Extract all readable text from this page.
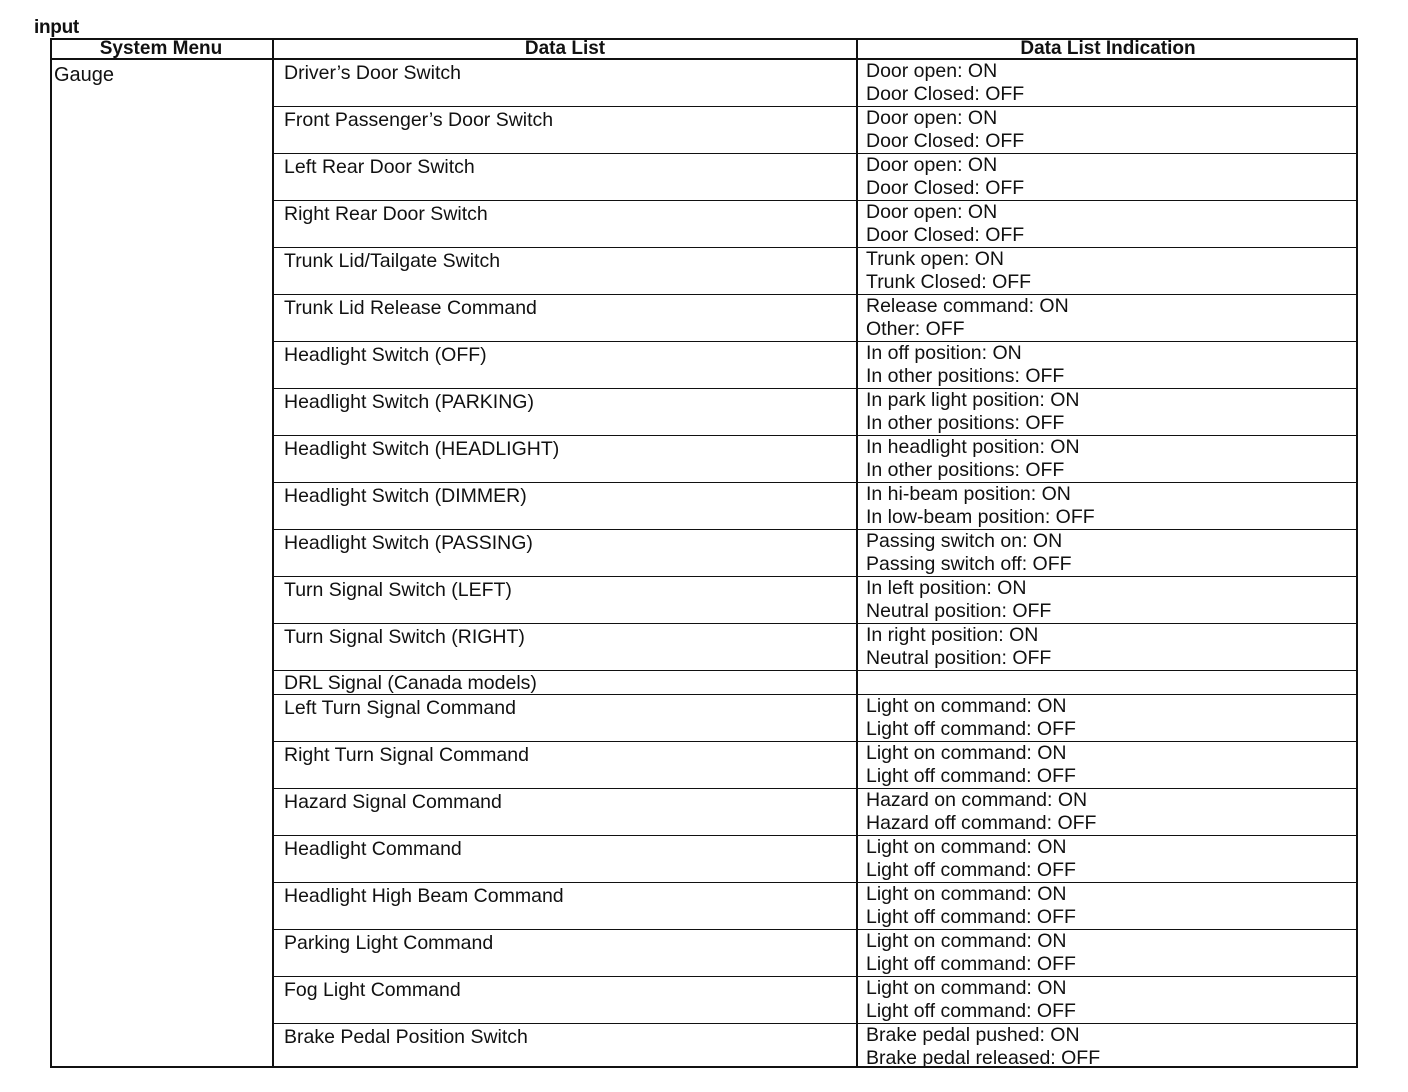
input
System Menu	Data List	Data List Indication
Gauge	Driver’s Door Switch	Door open: ON
Door Closed: OFF
Front Passenger’s Door Switch	Door open: ON
Door Closed: OFF
Left Rear Door Switch	Door open: ON
Door Closed: OFF
Right Rear Door Switch	Door open: ON
Door Closed: OFF
Trunk Lid/Tailgate Switch	Trunk open: ON
Trunk Closed: OFF
Trunk Lid Release Command	Release command: ON
Other: OFF
Headlight Switch (OFF)	In off position: ON
In other positions: OFF
Headlight Switch (PARKING)	In park light position: ON
In other positions: OFF
Headlight Switch (HEADLIGHT)	In headlight position: ON
In other positions: OFF
Headlight Switch (DIMMER)	In hi-beam position: ON
In low-beam position: OFF
Headlight Switch (PASSING)	Passing switch on: ON
Passing switch off: OFF
Turn Signal Switch (LEFT)	In left position: ON
Neutral position: OFF
Turn Signal Switch (RIGHT)	In right position: ON
Neutral position: OFF
DRL Signal (Canada models)
Left Turn Signal Command	Light on command: ON
Light off command: OFF
Right Turn Signal Command	Light on command: ON
Light off command: OFF
Hazard Signal Command	Hazard on command: ON
Hazard off command: OFF
Headlight Command	Light on command: ON
Light off command: OFF
Headlight High Beam Command	Light on command: ON
Light off command: OFF
Parking Light Command	Light on command: ON
Light off command: OFF
Fog Light Command	Light on command: ON
Light off command: OFF
Brake Pedal Position Switch	Brake pedal pushed: ON
Brake pedal released: OFF
